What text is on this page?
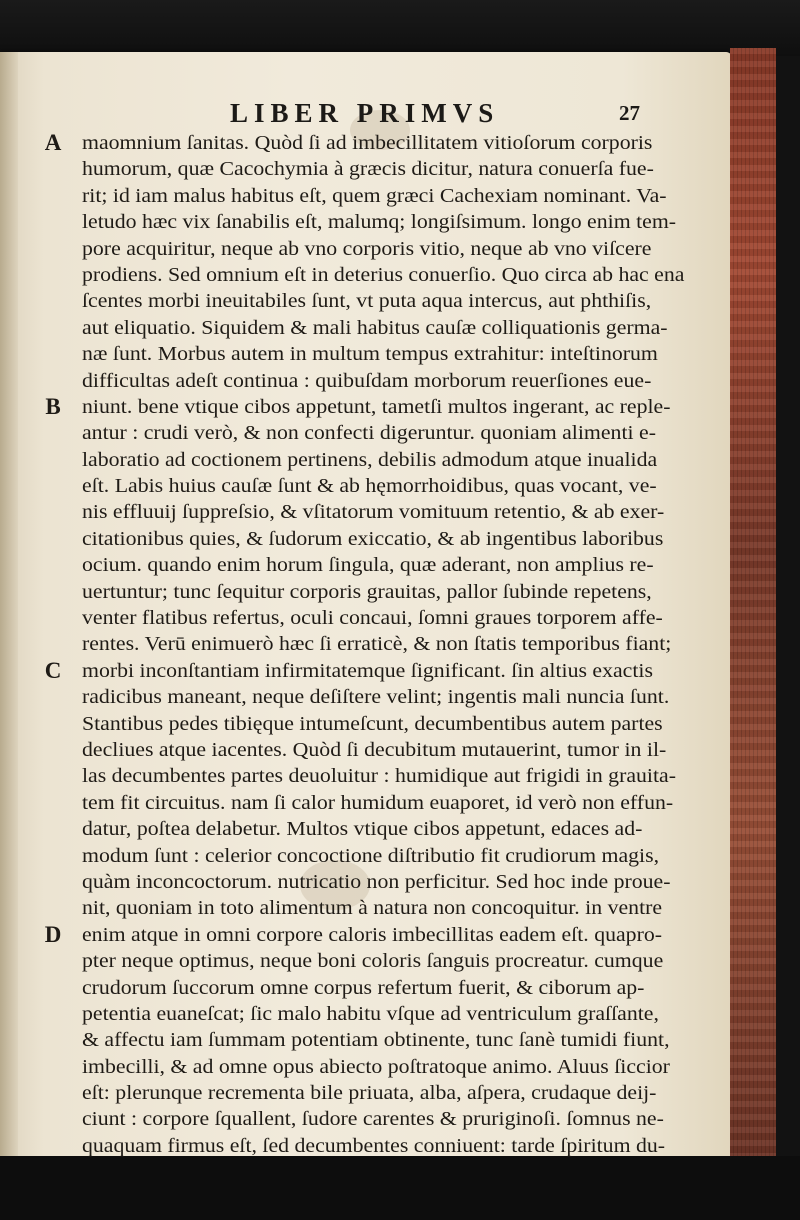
LIBER PRIMVS	27
A maomnium ſanitas. Quòd ſi ad imbecillitatem vitioſorum corporis
humorum, quæ Cacochymia à græcis dicitur, natura conuerſa fue-
rit; id iam malus habitus eſt, quem græci Cachexiam nominant. Va-
letudo hæc vix ſanabilis eſt, malumq; longiſsimum. longo enim tem-
pore acquiritur, neque ab vno corporis vitio, neque ab vno viſcere
prodiens. Sed omnium eſt in deterius conuerſio. Quo circa ab hac ena
ſcentes morbi ineuitabiles ſunt, vt puta aqua intercus, aut phthiſis,
aut eliquatio. Siquidem & mali habitus cauſæ colliquationis germa-
næ ſunt. Morbus autem in multum tempus extrahitur: inteſtinorum
difficultas adeſt continua : quibuſdam morborum reuerſiones eue-
B niunt. bene vtique cibos appetunt, tametſi multos ingerant, ac reple-
antur : crudi verò, & non confecti digeruntur. quoniam alimenti e-
laboratio ad coctionem pertinens, debilis admodum atque inualida
eſt. Labis huius cauſæ ſunt & ab hęmorrhoidibus, quas vocant, ve-
nis effluuij ſuppreſsio, & vſitatorum vomituum retentio, & ab exer-
citationibus quies, & ſudorum exiccatio, & ab ingentibus laboribus
ocium. quando enim horum ſingula, quæ aderant, non amplius re-
uertuntur; tunc ſequitur corporis grauitas, pallor ſubinde repetens,
venter flatibus refertus, oculi concaui, ſomni graues torporem affe-
rentes. Verū enimuerò hæc ſi erraticè, & non ſtatis temporibus fiant;
C morbi inconſtantiam infirmitatemque ſignificant. ſin altius exactis
radicibus maneant, neque deſiſtere velint; ingentis mali nuncia ſunt.
Stantibus pedes tibięque intumeſcunt, decumbentibus autem partes
decliues atque iacentes. Quòd ſi decubitum mutauerint, tumor in il-
las decumbentes partes deuoluitur : humidique aut frigidi in grauita-
tem fit circuitus. nam ſi calor humidum euaporet, id verò non effun-
datur, poſtea delabetur. Multos vtique cibos appetunt, edaces ad-
modum ſunt : celerior concoctione diſtributio fit crudiorum magis,
quàm inconcoctorum. nutricatio non perficitur. Sed hoc inde proue-
nit, quoniam in toto alimentum à natura non concoquitur. in ventre
D enim atque in omni corpore caloris imbecillitas eadem eſt. quapro-
pter neque optimus, neque boni coloris ſanguis procreatur. cumque
crudorum ſuccorum omne corpus refertum fuerit, & ciborum ap-
petentia euaneſcat; ſic malo habitu vſque ad ventriculum graſſante,
& affectu iam ſummam potentiam obtinente, tunc ſanè tumidi fiunt,
imbecilli, & ad omne opus abiecto poſtratoque animo. Aluus ſiccior
eſt: plerunque recrementa bile priuata, alba, aſpera, crudaque deij-
ciunt : corpore ſquallent, ſudore carentes & pruriginoſi. ſomnus ne-
quaquam firmus eſt, ſed decumbentes conniuent: tarde ſpiritum du-
